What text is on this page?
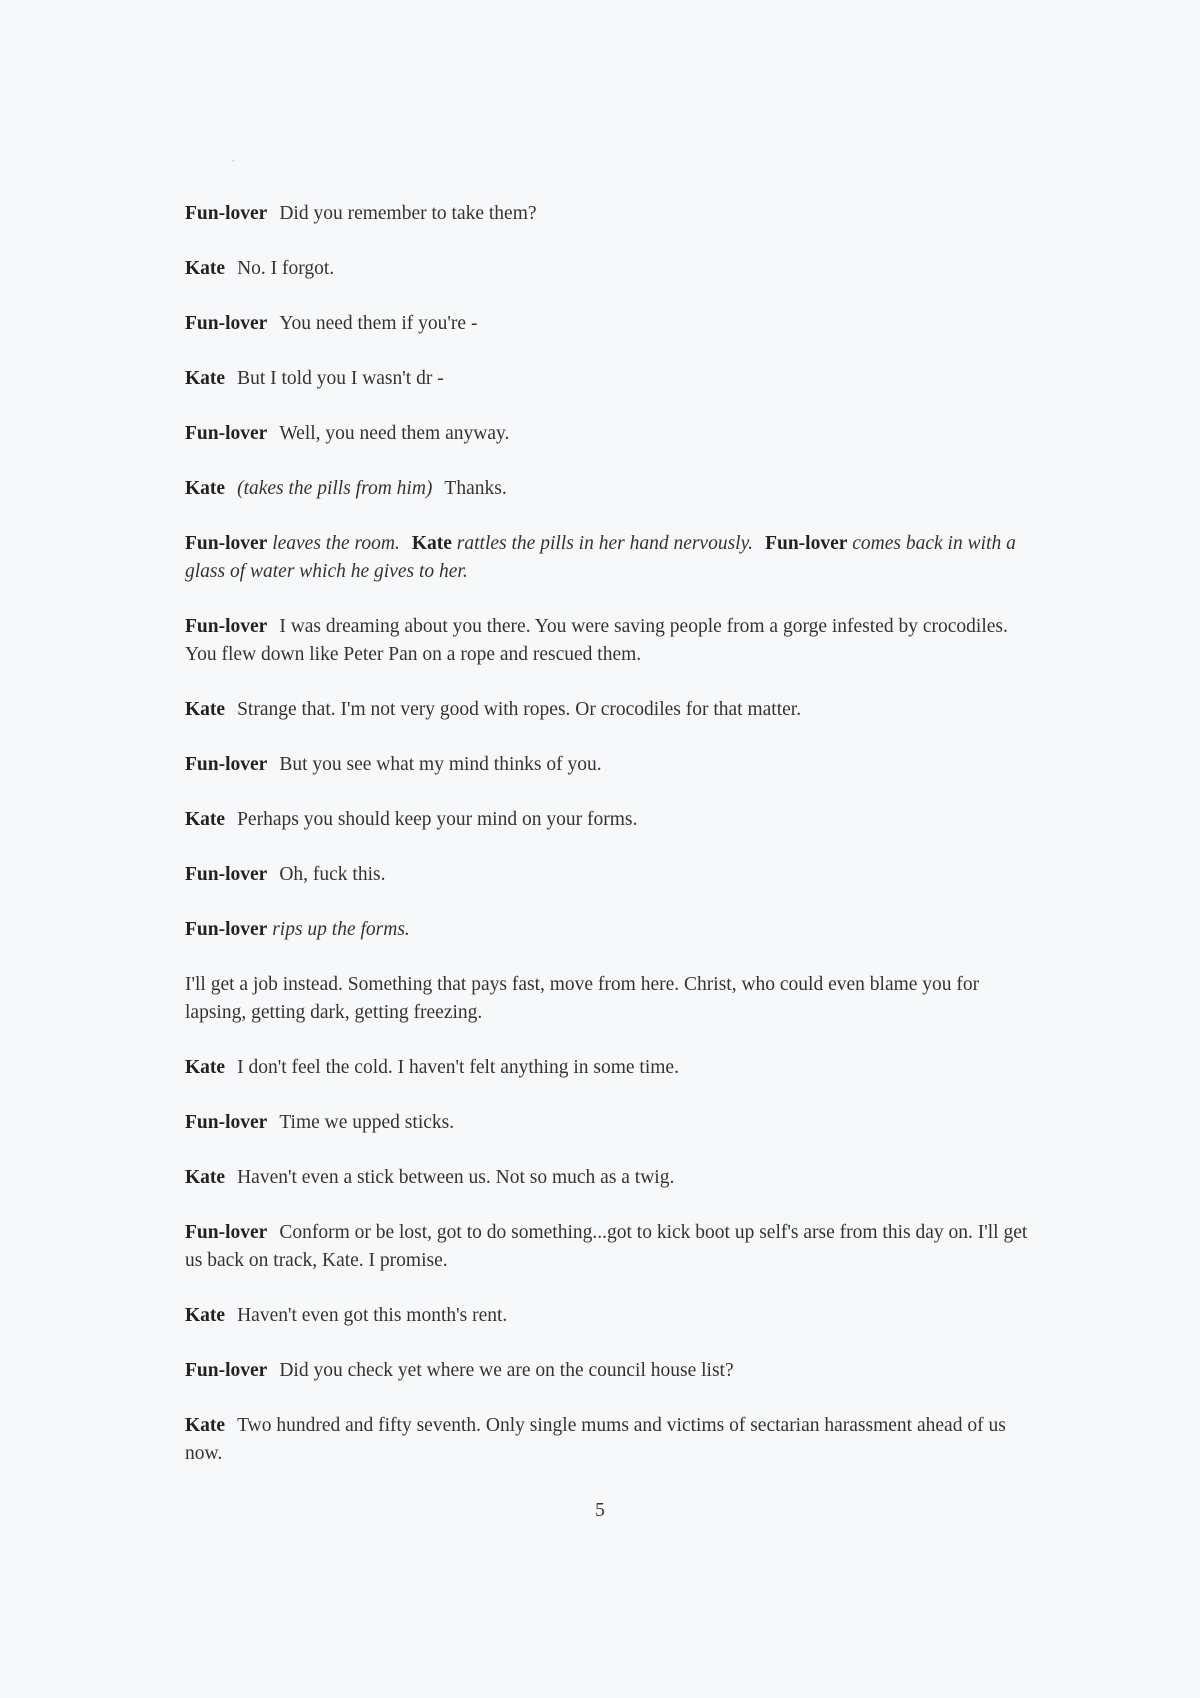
Fun-lover Did you remember to take them?

Kate No. I forgot.

Fun-lover You need them if you're -

Kate But I told you I wasn't dr -

Fun-lover Well, you need them anyway.

Kate (takes the pills from him) Thanks.

Fun-lover leaves the room. Kate rattles the pills in her hand nervously. Fun-lover comes back in with a glass of water which he gives to her.

Fun-lover I was dreaming about you there. You were saving people from a gorge infested by crocodiles. You flew down like Peter Pan on a rope and rescued them.

Kate Strange that. I'm not very good with ropes. Or crocodiles for that matter.

Fun-lover But you see what my mind thinks of you.

Kate Perhaps you should keep your mind on your forms.

Fun-lover Oh, fuck this.

Fun-lover rips up the forms.

I'll get a job instead. Something that pays fast, move from here. Christ, who could even blame you for lapsing, getting dark, getting freezing.

Kate I don't feel the cold. I haven't felt anything in some time.

Fun-lover Time we upped sticks.

Kate Haven't even a stick between us. Not so much as a twig.

Fun-lover Conform or be lost, got to do something...got to kick boot up self's arse from this day on. I'll get us back on track, Kate. I promise.

Kate Haven't even got this month's rent.

Fun-lover Did you check yet where we are on the council house list?

Kate Two hundred and fifty seventh. Only single mums and victims of sectarian harassment ahead of us now.

5
